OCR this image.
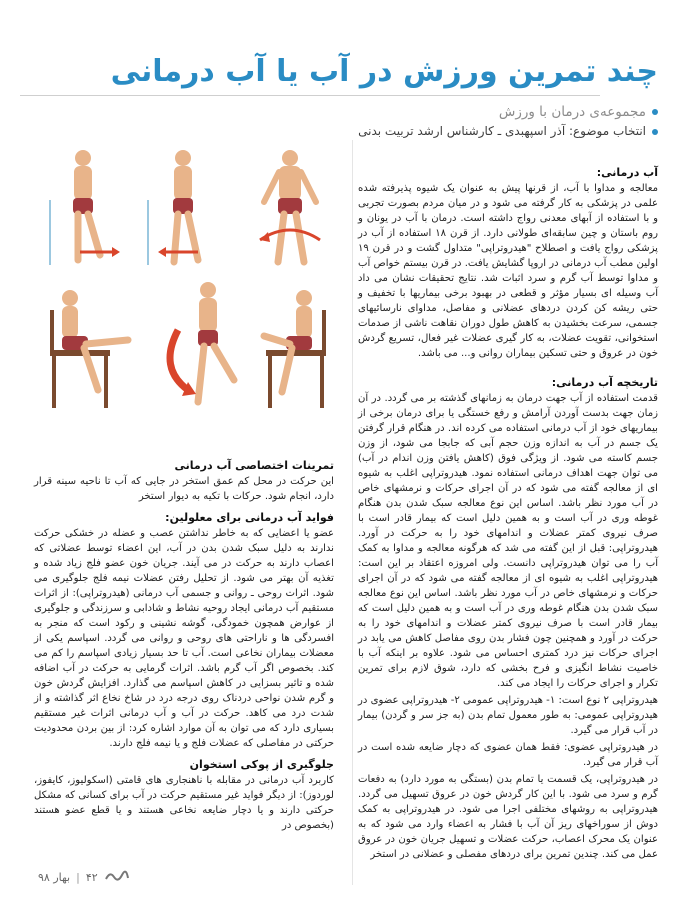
چند تمرین ورزش در آب یا آب درمانی
مجموعه‌ی درمان با ورزش
انتخاب موضوع: آذر اسپهبدی ـ کارشناس ارشد تربیت بدنی
آب درمانی:

معالجه و مداوا با آب، از قرنها پیش به عنوان یک شیوه پذیرفته شده علمی در پزشکی به کار گرفته می شود و در میان مردم بصورت تجربی و با استفاده از آبهای معدنی رواج داشته است. درمان با آب در یونان و روم باستان و چین سابقه‌ای طولانی دارد. از قرن ۱۸ استفاده از آب در پزشکی رواج یافت و اصطلاح "هیدروتراپی" متداول گشت و در قرن ۱۹ اولین مطب آب درمانی در اروپا گشایش یافت. در قرن بیستم خواص آب و مداوا توسط آب گرم و سرد اثبات شد. نتایج تحقیقات نشان می داد آب وسیله ای بسیار مؤثر و قطعی در بهبود برخی بیماریها با تخفیف و حتی ریشه کن کردن دردهای عضلانی و مفاصل، مداوای نارسائیهای جسمی، سرعت بخشیدن به کاهش طول دوران نقاهت ناشی از صدمات استخوانی، تقویت عضلات، به کار گیری عضلات غیر فعال، تسریع گردش خون در عروق و حتی تسکین بیماران روانی و... می باشد.

تاریخچه آب درمانی:

قدمت استفاده از آب جهت درمان به زمانهای گذشته بر می گردد. در آن زمان جهت بدست آوردن آرامش و رفع خستگی یا برای درمان برخی از بیماریهای خود از آب درمانی استفاده می کرده اند. در هنگام قرار گرفتن یک جسم در آب به اندازه وزن حجم آبی که جابجا می شود، از وزن جسم کاسته می شود. از ویژگی فوق (کاهش یافتن وزن اندام در آب) می توان جهت اهداف درمانی استفاده نمود. هیدروتراپی اغلب به شیوه ای از معالجه گفته می شود که در آن اجرای حرکات و نرمشهای خاص در آب مورد نظر باشد. اساس این نوع معالجه سبک شدن بدن هنگام غوطه وری در آب است و به همین دلیل است که بیمار قادر است با صرف نیروی کمتر عضلات و اندامهای خود را به حرکت در آورد. هیدروتراپی: قبل از این گفته می شد که هرگونه معالجه و مداوا به کمک آب را می توان هیدروتراپی دانست. ولی امروزه اعتقاد بر این است: هیدروتراپی اغلب به شیوه ای از معالجه گفته می شود که در آن اجرای حرکات و نرمشهای خاص در آب مورد نظر باشد. اساس این نوع معالجه سبک شدن بدن هنگام غوطه وری در آب است و به همین دلیل است که بیمار قادر است با صرف نیروی کمتر عضلات و اندامهای خود را به حرکت در آورد و همچنین چون فشار بدن روی مفاصل کاهش می یابد در اجرای حرکات نیز درد کمتری احساس می شود. علاوه بر اینکه آب با خاصیت نشاط انگیزی و فرح بخشی که دارد، شوق لازم برای تمرین تکرار و اجرای حرکات را ایجاد می کند.

هیدروتراپی ۲ نوع است: ۱- هیدروتراپی عمومی ۲- هیدروتراپی عضوی در هیدروتراپی عمومی: به طور معمول تمام بدن (به جز سر و گردن) بیمار در آب قرار می گیرد.

در هیدروتراپی عضوی: فقط همان عضوی که دچار ضایعه شده است در آب قرار می گیرد.

در هیدروتراپی، یک قسمت یا تمام بدن (بستگی به مورد دارد) به دفعات گرم و سرد می شود. با این کار گردش خون در عروق تسهیل می گردد. هیدروتراپی به روشهای مختلفی اجرا می شود. در هیدروتراپی به کمک دوش از سوراخهای ریز آن آب با فشار به اعضاء وارد می شود که به عنوان یک محرک اعصاب، حرکت عضلات و تسهیل جریان خون در عروق عمل می کند. چندین تمرین برای دردهای مفصلی و عضلانی در استخر

تمرینات اختصاصی آب درمانی

این حرکت در محل کم عمق استخر در جایی که آب تا ناحیه سینه قرار دارد، انجام شود. حرکات با تکیه به دیوار استخر

فواید آب درمانی برای معلولین:

عضو یا اعضایی که به خاطر نداشتن عصب و عضله در خشکی حرکت ندارند به دلیل سبک شدن بدن در آب، این اعضاء توسط عضلاتی که اعصاب دارند به حرکت در می آیند. جریان خون عضو فلج زیاد شده و تغذیه آن بهتر می شود. از تحلیل رفتن عضلات نیمه فلج جلوگیری می شود. اثرات روحی ـ روانی و جسمی آب درمانی (هیدروتراپی): از اثرات مستقیم آب درمانی ایجاد روحیه نشاط و شادابی و سرزندگی و جلوگیری از عوارض همچون خمودگی، گوشه نشینی و رکود است که منجر به افسردگی ها و ناراحتی های روحی و روانی می گردد. اسپاسم یکی از معضلات بیماران نخاعی است. آب تا حد بسیار زیادی اسپاسم را کم می کند. بخصوص اگر آب گرم باشد. اثرات گرمایی به حرکت در آب اضافه شده و تاثیر بسزایی در کاهش اسپاسم می گذارد. افزایش گردش خون و گرم شدن نواحی دردناک روی درجه درد در شاخ نخاع اثر گذاشته و از شدت درد می کاهد. حرکت در آب و آب درمانی اثرات غیر مستقیم بسیاری دارد که می توان به آن موارد اشاره کرد: از بین بردن محدودیت حرکتی در مفاصلی که عضلات فلج و یا نیمه فلج دارند.

جلوگیری از پوکی استخوان

کاربرد آب درمانی در مقابله با ناهنجاری های قامتی (اسکولیوز، کایفوز، لوردوز): از دیگر فواید غیر مستقیم حرکت در آب برای کسانی که مشکل حرکتی دارند و یا دچار ضایعه نخاعی هستند و یا قطع عضو هستند (بخصوص در

۴۲
|
بهار ۹۸
